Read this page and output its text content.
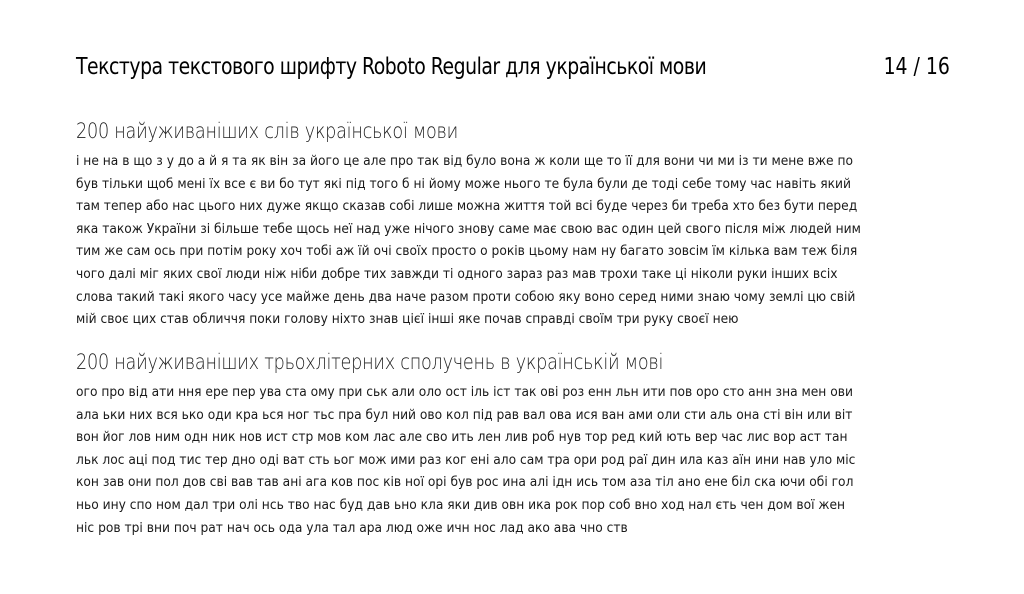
Текстура текстового шрифту Roboto Regular для української мови	14 / 16
200 найуживаніших слів української мови
і не на в що з у до а й я та як він за його це але про так від було вона ж коли ще то її для вони чи ми із ти мене вже по
був тільки щоб мені їх все є ви бо тут які під того б ні йому може нього те була були де тоді себе тому час навіть який
там тепер або нас цього них дуже якщо сказав собі лише можна життя той всі буде через би треба хто без бути перед
яка також України зі більше тебе щось неї над уже нічого знову саме має свою вас один цей свого після між людей ним
тим же сам ось при потім року хоч тобі аж їй очі своїх просто о років цьому нам ну багато зовсім їм кілька вам теж біля
чого далі міг яких свої люди ніж ніби добре тих завжди ті одного зараз раз мав трохи таке ці ніколи руки інших всіх
слова такий такі якого часу усе майже день два наче разом проти собою яку воно серед ними знаю чому землі цю свій
мій своє цих став обличчя поки голову ніхто знав цієї інші яке почав справді своїм три руку своєї нею
200 найуживаніших трьохлітерних сполучень в українській мові
ого про від ати ння ере пер ува ста ому при ськ али оло ост іль іст так ові роз енн льн ити пов оро сто анн зна мен ови
ала ьки них вся ько оди кра ься ног тьс пра бул ний ово кол під рав вал ова ися ван ами оли сти аль она сті він или віт
вон йог лов ним одн ник нов ист стр мов ком лас але сво ить лен лив роб нув тор ред кий ють вер час лис вор аст тан
льк лос аці под тис тер дно оді ват сть ьог мож ими раз ког ені ало сам тра ори род раї дин ила каз аїн ини нав уло міс
кон зав они пол дов сві вав тав ані ага ков пос ків ної орі був рос ина алі ідн ись том аза тіл ано ене біл ска ючи обі гол
ньо ину спо ном дал три олі нсь тво нас буд дав ьно кла яки див овн ика рок пор соб вно ход нал єть чен дом вої жен
ніс ров трі вни поч рат нач ось ода ула тал ара люд оже ичн нос лад ако ава чно ств
